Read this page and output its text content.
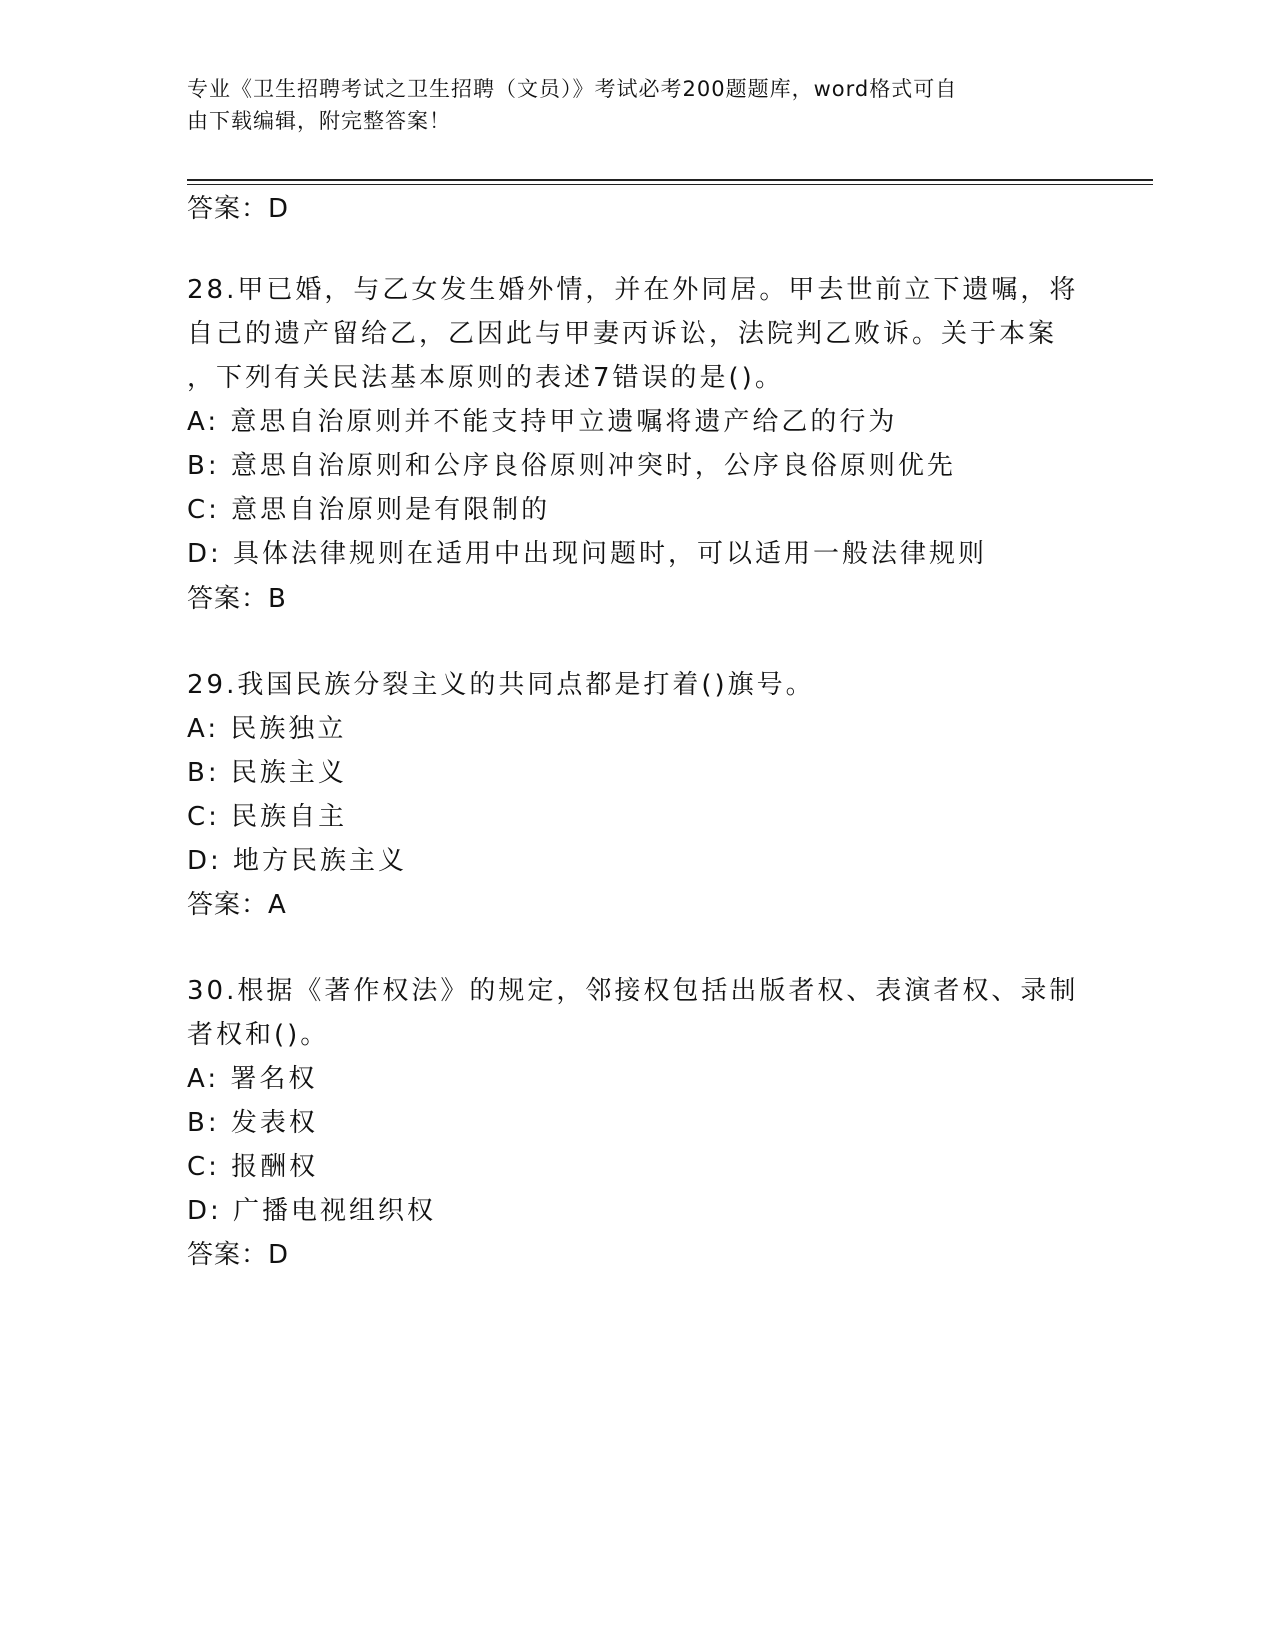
专业《卫生招聘考试之卫生招聘（文员）》考试必考200题题库，word格式可自
由下载编辑，附完整答案！
答案：D
28.甲已婚，与乙女发生婚外情，并在外同居。甲去世前立下遗嘱，将
自己的遗产留给乙，乙因此与甲妻丙诉讼，法院判乙败诉。关于本案
，下列有关民法基本原则的表述7错误的是()。
A: 意思自治原则并不能支持甲立遗嘱将遗产给乙的行为
B: 意思自治原则和公序良俗原则冲突时，公序良俗原则优先
C: 意思自治原则是有限制的
D: 具体法律规则在适用中出现问题时，可以适用一般法律规则
答案：B
29.我国民族分裂主义的共同点都是打着()旗号。
A: 民族独立
B: 民族主义
C: 民族自主
D: 地方民族主义
答案：A
30.根据《著作权法》的规定，邻接权包括出版者权、表演者权、录制
者权和()。
A: 署名权
B: 发表权
C: 报酬权
D: 广播电视组织权
答案：D
